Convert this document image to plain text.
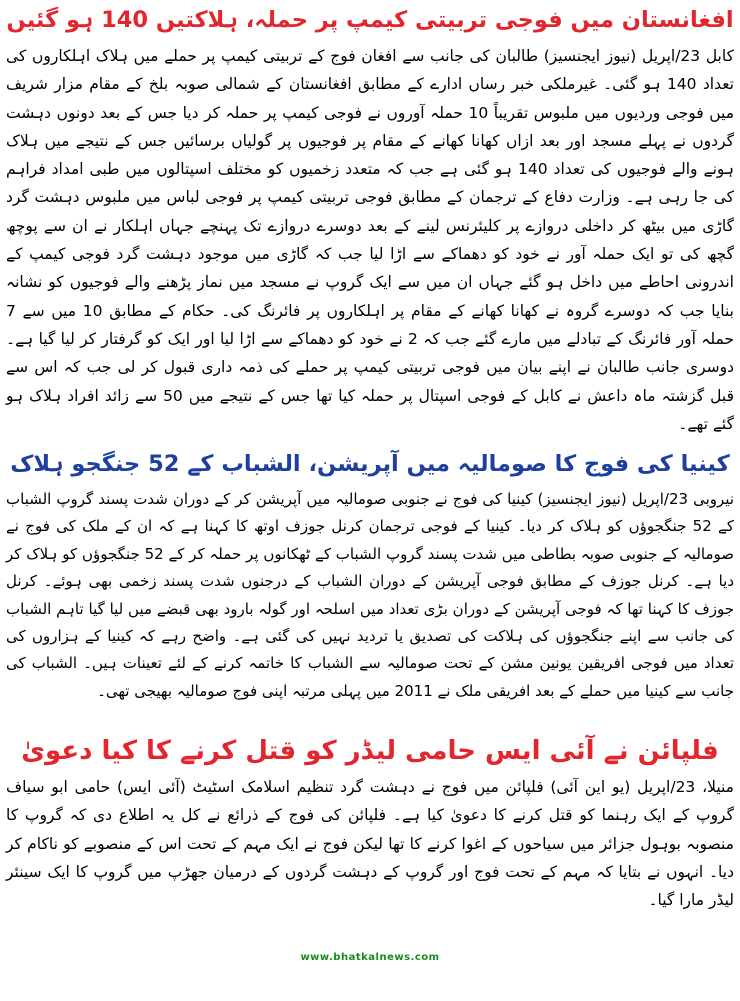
افغانستان میں فوجی تربیتی کیمپ پر حملہ، ہلاکتیں 140 ہو گئیں

کابل 23/اپریل (نیوز ایجنسیز) طالبان کی جانب سے افغان فوج کے تربیتی کیمپ پر حملے میں ہلاک اہلکاروں کی تعداد 140 ہو گئی۔ غیرملکی خبر رساں ادارے کے مطابق افغانستان کے شمالی صوبہ بلخ کے مقام مزار شریف میں فوجی وردیوں میں ملبوس تقریباً 10 حملہ آوروں نے فوجی کیمپ پر حملہ کر دیا جس کے بعد دونوں دہشت گردوں نے پہلے مسجد اور بعد ازاں کھانا کھانے کے مقام پر فوجیوں پر گولیاں برسائیں جس کے نتیجے میں ہلاک ہونے والے فوجیوں کی تعداد 140 ہو گئی ہے جب کہ متعدد زخمیوں کو مختلف اسپتالوں میں طبی امداد فراہم کی جا رہی ہے۔ وزارت دفاع کے ترجمان کے مطابق فوجی تربیتی کیمپ پر فوجی لباس میں ملبوس دہشت گرد گاڑی میں بیٹھ کر داخلی دروازے پر کلیئرنس لینے کے بعد دوسرے دروازے تک پہنچے جہاں اہلکار نے ان سے پوچھ گچھ کی تو ایک حملہ آور نے خود کو دھماکے سے اڑا لیا جب کہ گاڑی میں موجود دہشت گرد فوجی کیمپ کے اندرونی احاطے میں داخل ہو گئے جہاں ان میں سے ایک گروپ نے مسجد میں نماز پڑھنے والے فوجیوں کو نشانہ بنایا جب کہ دوسرے گروہ نے کھانا کھانے کے مقام پر اہلکاروں پر فائرنگ کی۔ حکام کے مطابق 10 میں سے 7 حملہ آور فائرنگ کے تبادلے میں مارے گئے جب کہ 2 نے خود کو دھماکے سے اڑا لیا اور ایک کو گرفتار کر لیا گیا ہے۔ دوسری جانب طالبان نے اپنے بیان میں فوجی تربیتی کیمپ پر حملے کی ذمہ داری قبول کر لی جب کہ اس سے قبل گزشتہ ماہ داعش نے کابل کے فوجی اسپتال پر حملہ کیا تھا جس کے نتیجے میں 50 سے زائد افراد ہلاک ہو گئے تھے۔

کینیا کی فوج کا صومالیہ میں آپریشن، الشباب کے 52 جنگجو ہلاک

نیروبی 23/اپریل (نیوز ایجنسیز) کینیا کی فوج نے جنوبی صومالیہ میں آپریشن کر کے دوران شدت پسند گروپ الشباب کے 52 جنگجوؤں کو ہلاک کر دیا۔ کینیا کے فوجی ترجمان کرنل جوزف اوتھ کا کہنا ہے کہ ان کے ملک کی فوج نے صومالیہ کے جنوبی صوبہ بطاطی میں شدت پسند گروپ الشباب کے ٹھکانوں پر حملہ کر کے 52 جنگجوؤں کو ہلاک کر دیا ہے۔ کرنل جوزف کے مطابق فوجی آپریشن کے دوران الشباب کے درجنوں شدت پسند زخمی بھی ہوئے۔ کرنل جوزف کا کہنا تھا کہ فوجی آپریشن کے دوران بڑی تعداد میں اسلحہ اور گولہ بارود بھی قبضے میں لیا گیا تاہم الشباب کی جانب سے اپنے جنگجوؤں کی ہلاکت کی تصدیق یا تردید نہیں کی گئی ہے۔ واضح رہے کہ کینیا کے ہزاروں کی تعداد میں فوجی افریقین یونین مشن کے تحت صومالیہ سے الشباب کا خاتمہ کرنے کے لئے تعینات ہیں۔ الشباب کی جانب سے کینیا میں حملے کے بعد افریقی ملک نے 2011 میں پہلی مرتبہ اپنی فوج صومالیہ بھیجی تھی۔

فلپائن نے آئی ایس حامی لیڈر کو قتل کرنے کا کیا دعویٰ

منیلا، 23/اپریل (یو این آئی) فلپائن میں فوج نے دہشت گرد تنظیم اسلامک اسٹیٹ (آئی ایس) حامی ابو سیاف گروپ کے ایک رہنما کو قتل کرنے کا دعویٰ کیا ہے۔ فلپائن کی فوج کے ذرائع نے کل یہ اطلاع دی کہ گروپ کا منصوبہ بوہول جزائر میں سیاحوں کے اغوا کرنے کا تھا لیکن فوج نے ایک مہم کے تحت اس کے منصوبے کو ناکام کر دیا۔ انہوں نے بتایا کہ مہم کے تحت فوج اور گروپ کے دہشت گردوں کے درمیان جھڑپ میں گروپ کا ایک سینئر لیڈر مارا گیا۔

www.bhatkalnews.com
